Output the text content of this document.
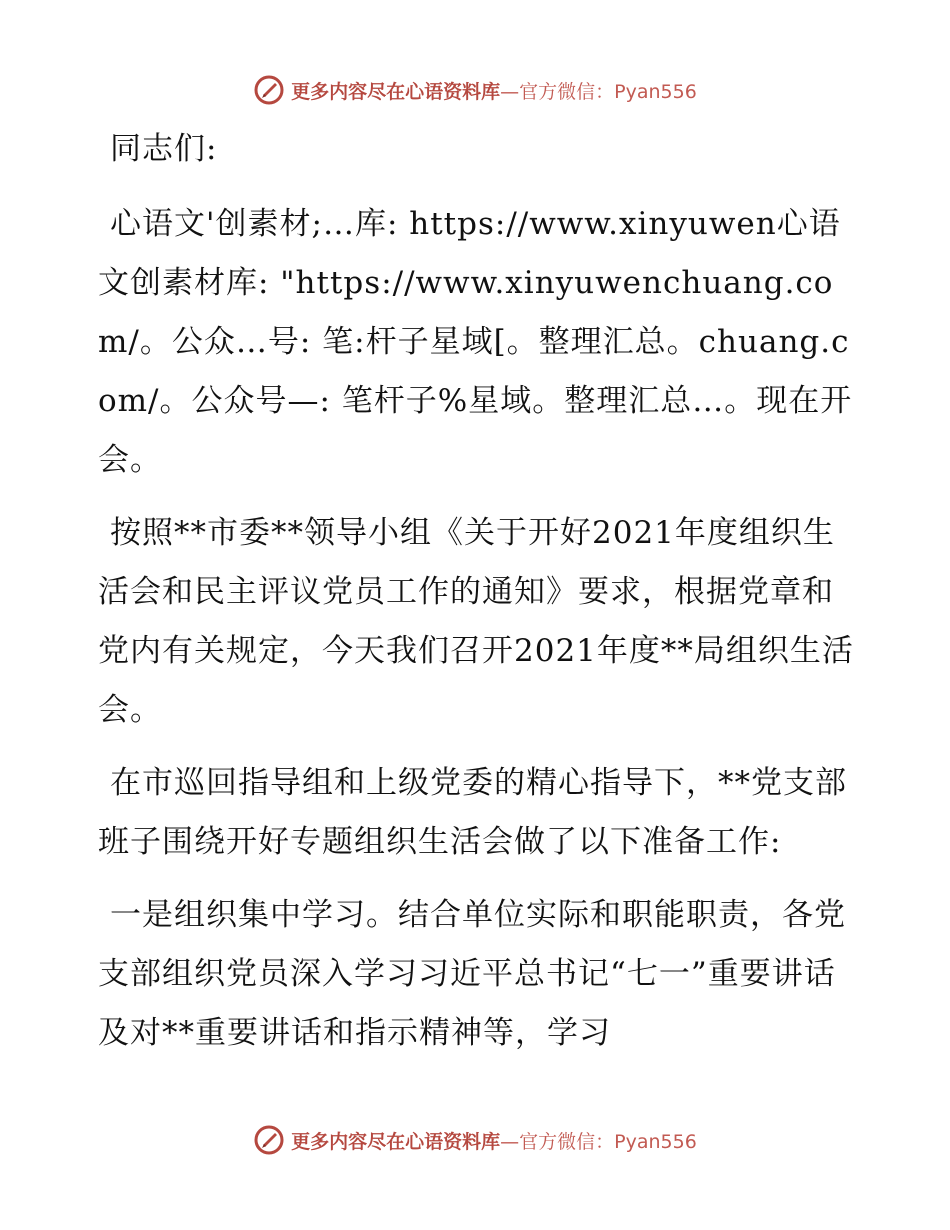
更多内容尽在心语资料库 —官方微信：Pyan556

同志们:

心语文'创素材;…库: https://www.xinyuwen心语文创素材库: "https://www.xinyuwenchuang.com/。公众…号: 笔:杆子星域[。整理汇总。chuang.com/。公众号—: 笔杆子%星域。整理汇总…。现在开会。

按照**市委**领导小组《关于开好2021年度组织生活会和民主评议党员工作的通知》要求，根据党章和党内有关规定，今天我们召开2021年度**局组织生活会。

在市巡回指导组和上级党委的精心指导下，**党支部班子围绕开好专题组织生活会做了以下准备工作:

一是组织集中学习。结合单位实际和职能职责，各党支部组织党员深入学习习近平总书记“七一”重要讲话及对**重要讲话和指示精神等，学习

更多内容尽在心语资料库 —官方微信：Pyan556
